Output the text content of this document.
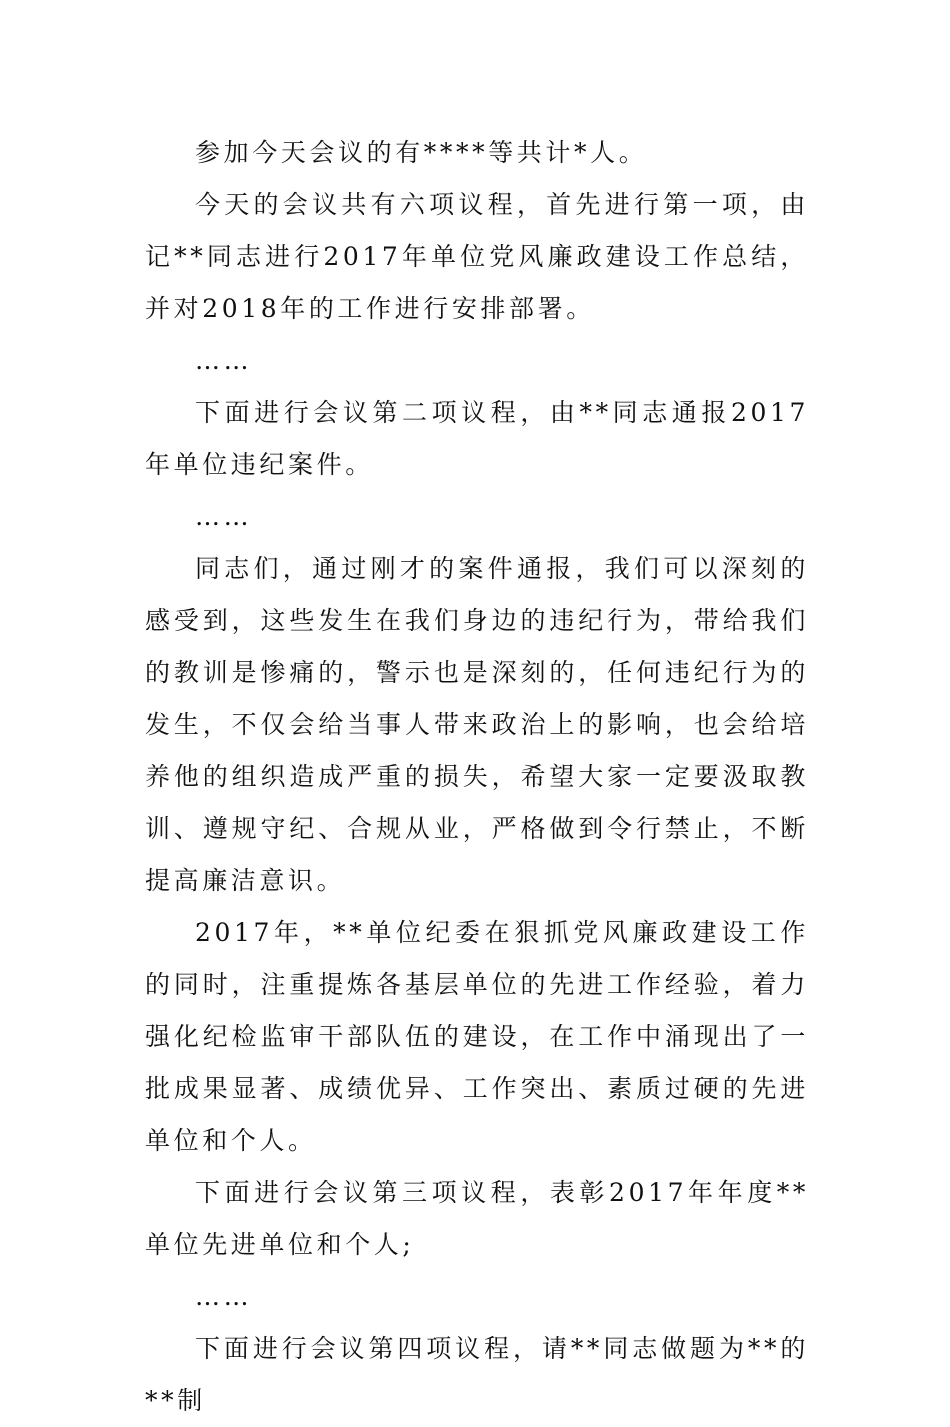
参加今天会议的有****等共计*人。

今天的会议共有六项议程，首先进行第一项，由记**同志进行2017年单位党风廉政建设工作总结，并对2018年的工作进行安排部署。

……

下面进行会议第二项议程，由**同志通报2017年单位违纪案件。

……

同志们，通过刚才的案件通报，我们可以深刻的感受到，这些发生在我们身边的违纪行为，带给我们的教训是惨痛的，警示也是深刻的，任何违纪行为的发生，不仅会给当事人带来政治上的影响，也会给培养他的组织造成严重的损失，希望大家一定要汲取教训、遵规守纪、合规从业，严格做到令行禁止，不断提高廉洁意识。

2017年，**单位纪委在狠抓党风廉政建设工作的同时，注重提炼各基层单位的先进工作经验，着力强化纪检监审干部队伍的建设，在工作中涌现出了一批成果显著、成绩优异、工作突出、素质过硬的先进单位和个人。

下面进行会议第三项议程，表彰2017年年度**单位先进单位和个人;

……

下面进行会议第四项议程，请**同志做题为**的**制
